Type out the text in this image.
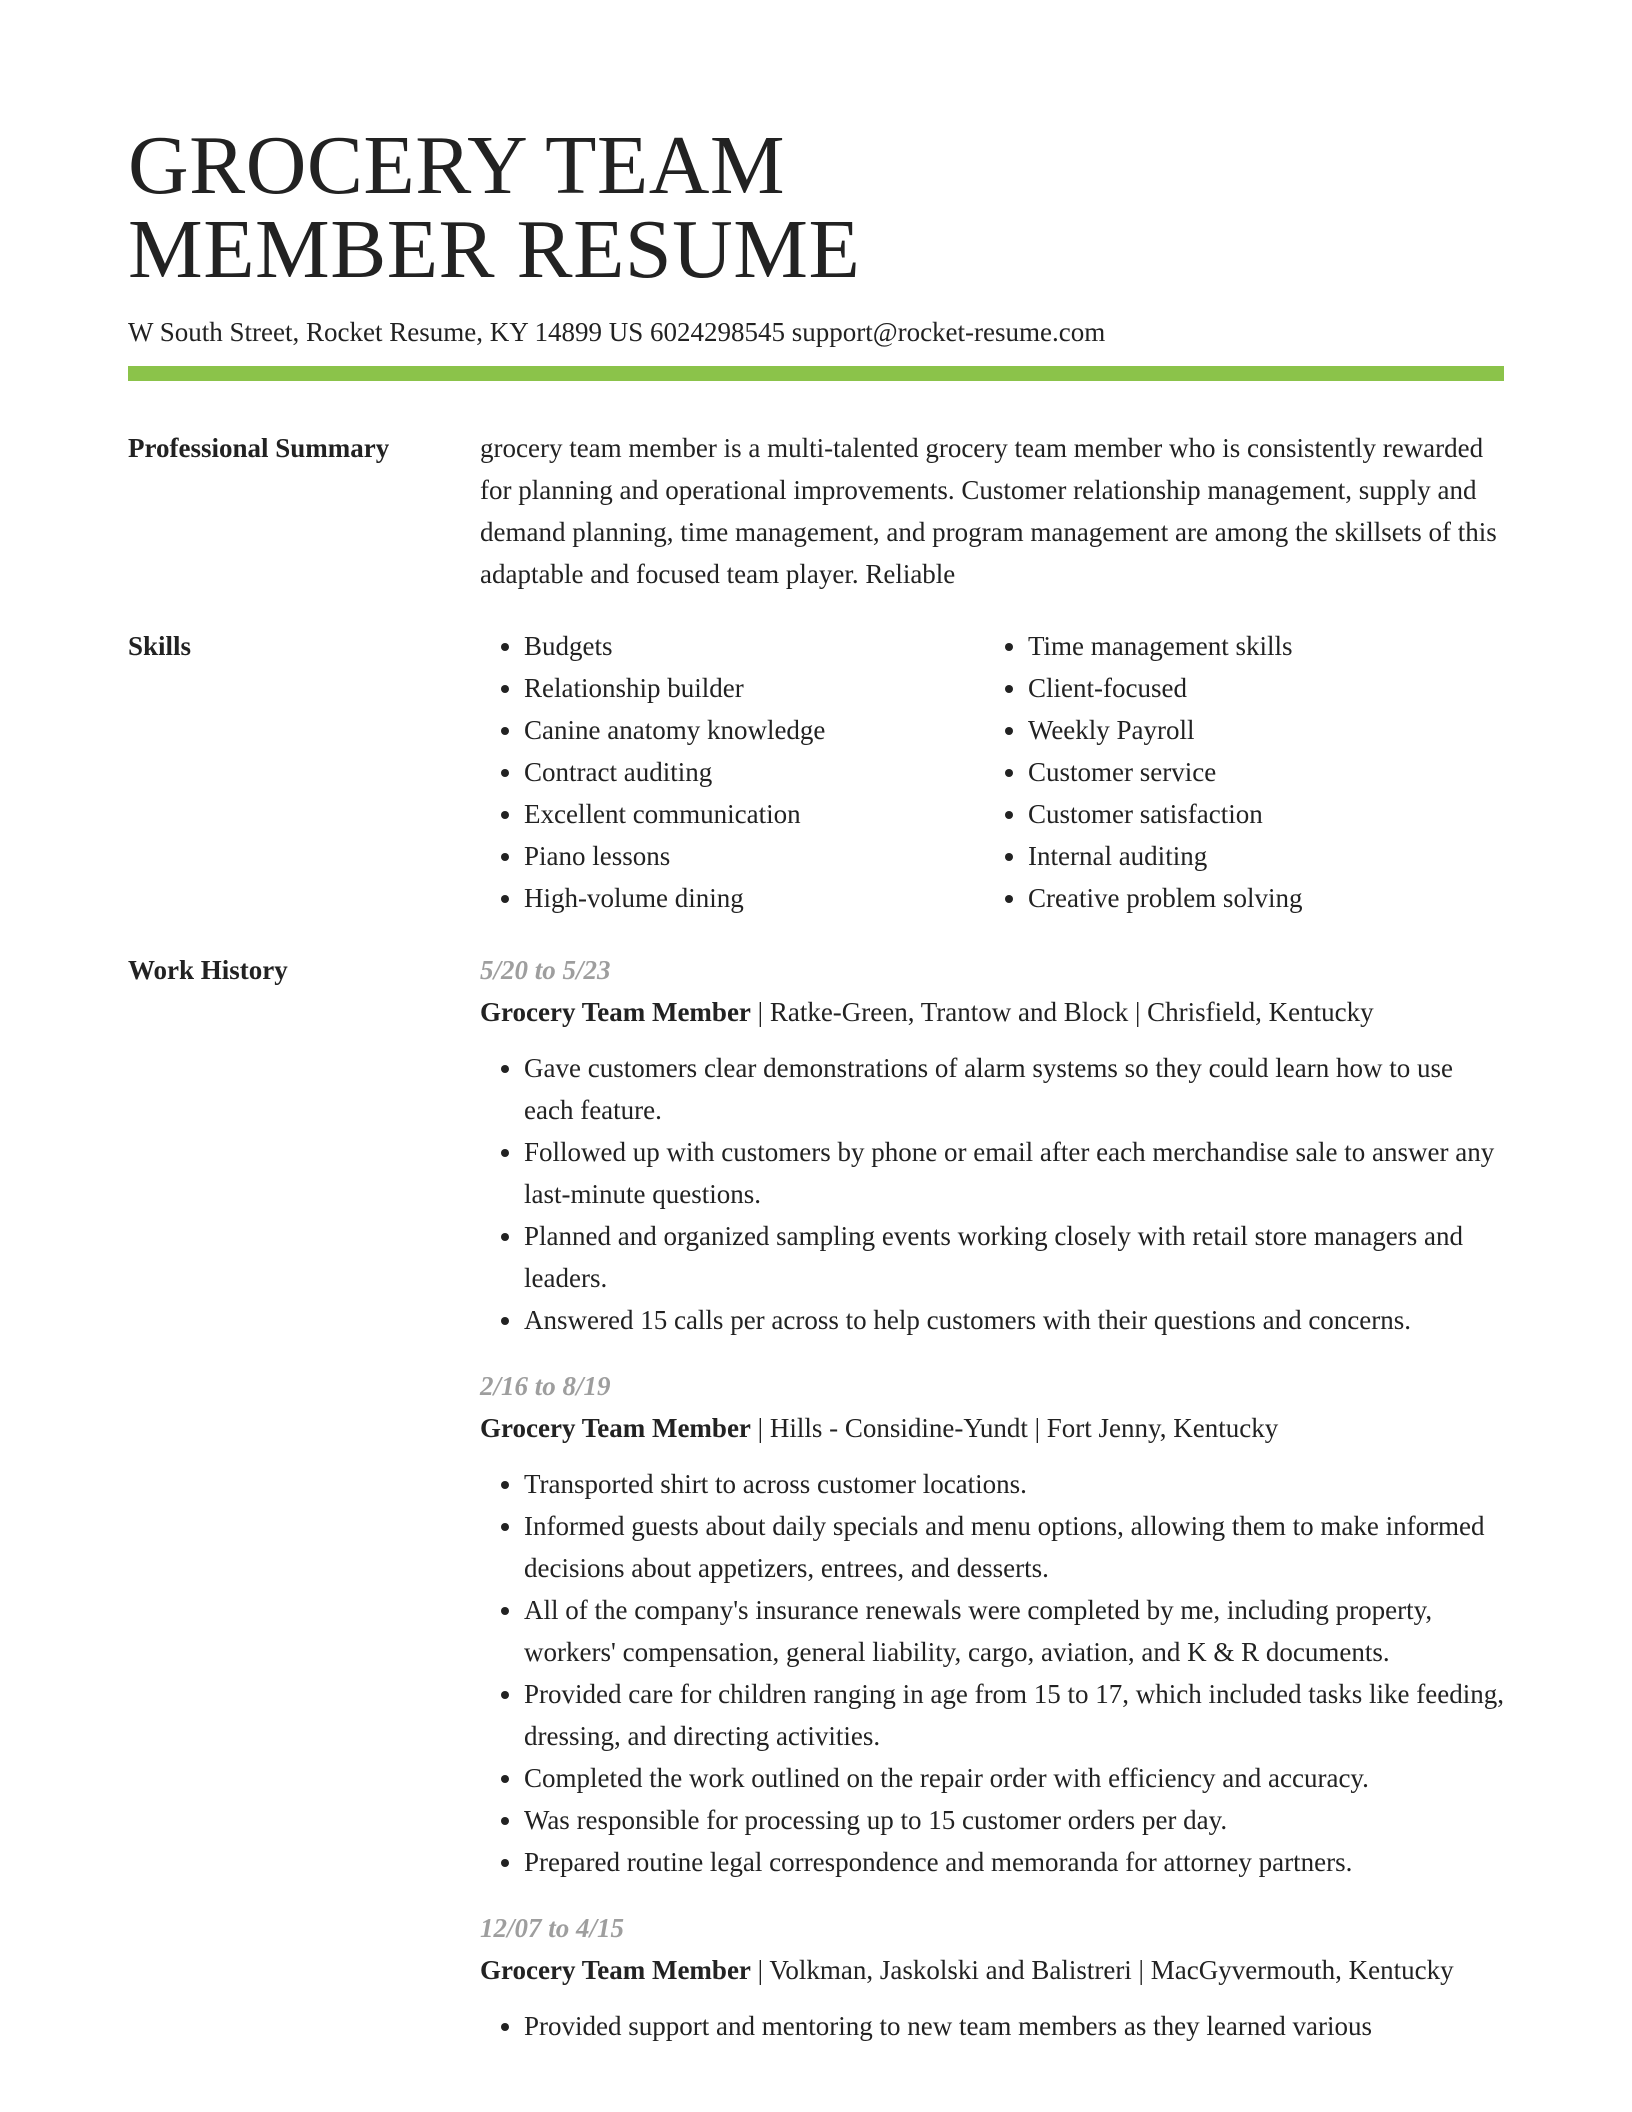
GROCERY TEAM
MEMBER RESUME
W South Street, Rocket Resume, KY 14899 US 6024298545 support@rocket-resume.com
Professional Summary	grocery team member is a multi-talented grocery team member who is consistently rewarded for planning and operational improvements. Customer relationship management, supply and demand planning, time management, and program management are among the skillsets of this adaptable and focused team player. Reliable

Skills
•	Budgets
• Relationship builder
• Canine anatomy knowledge
• Contract auditing
• Excellent communication
• Piano lessons
• High-volume dining
• Time management skills
• Client-focused
• Weekly Payroll
• Customer service
• Customer satisfaction
• Internal auditing
• Creative problem solving
Work History	5/20 to 5/23
Grocery Team Member | Ratke-Green, Trantow and Block | Chrisfield, Kentucky
• Gave customers clear demonstrations of alarm systems so they could learn how to use each feature.
• Followed up with customers by phone or email after each merchandise sale to answer any last-minute questions.
• Planned and organized sampling events working closely with retail store managers and leaders.
• Answered 15 calls per across to help customers with their questions and concerns.
2/16 to 8/19
Grocery Team Member | Hills - Considine-Yundt | Fort Jenny, Kentucky
• Transported shirt to across customer locations.
• Informed guests about daily specials and menu options, allowing them to make informed decisions about appetizers, entrees, and desserts.
• All of the company's insurance renewals were completed by me, including property, workers' compensation, general liability, cargo, aviation, and K & R documents.
• Provided care for children ranging in age from 15 to 17, which included tasks like feeding, dressing, and directing activities.
• Completed the work outlined on the repair order with efficiency and accuracy.
• Was responsible for processing up to 15 customer orders per day.
• Prepared routine legal correspondence and memoranda for attorney partners.
12/07 to 4/15
Grocery Team Member | Volkman, Jaskolski and Balistreri | MacGyvermouth, Kentucky
• Provided support and mentoring to new team members as they learned various
